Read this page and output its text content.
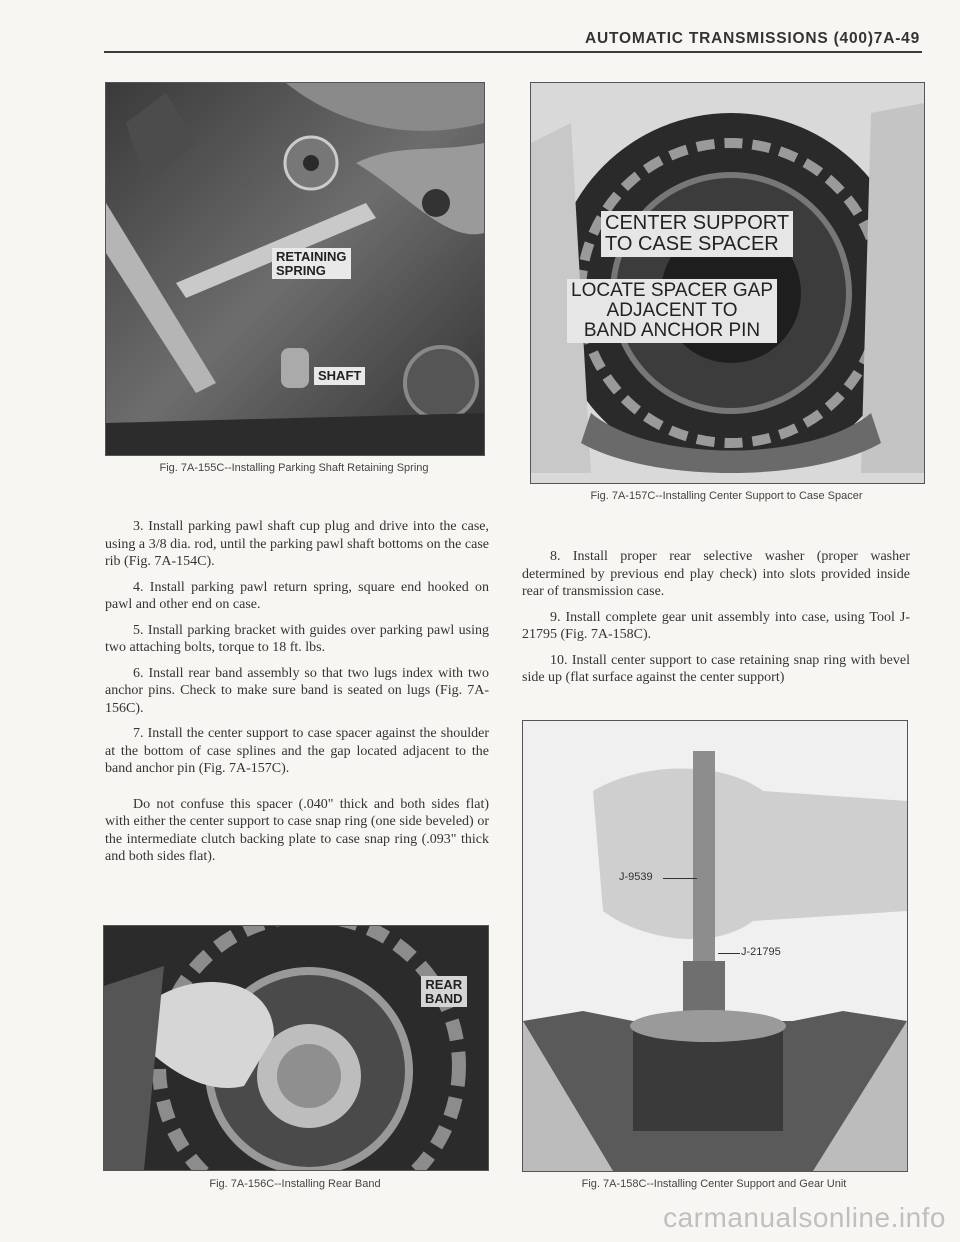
AUTOMATIC TRANSMISSIONS (400)7A-49
RETAINING
SPRING
SHAFT
Fig. 7A-155C--Installing Parking Shaft Retaining Spring
CENTER SUPPORT
TO CASE SPACER
LOCATE SPACER GAP
ADJACENT TO
BAND ANCHOR PIN
Fig. 7A-157C--Installing Center Support to Case Spacer

3. Install parking pawl shaft cup plug and drive into the case, using a 3/8 dia. rod, until the parking pawl shaft bottoms on the case rib (Fig. 7A-154C).

4. Install parking pawl return spring, square end hooked on pawl and other end on case.

5. Install parking bracket with guides over parking pawl using two attaching bolts, torque to 18 ft. lbs.

6. Install rear band assembly so that two lugs index with two anchor pins. Check to make sure band is seated on lugs (Fig. 7A-156C).

7. Install the center support to case spacer against the shoulder at the bottom of case splines and the gap located adjacent to the band anchor pin (Fig. 7A-157C).

Do not confuse this spacer (.040" thick and both sides flat) with either the center support to case snap ring (one side beveled) or the intermediate clutch backing plate to case snap ring (.093" thick and both sides flat).

8. Install proper rear selective washer (proper washer determined by previous end play check) into slots provided inside rear of transmission case.

9. Install complete gear unit assembly into case, using Tool J-21795 (Fig. 7A-158C).

10. Install center support to case retaining snap ring with bevel side up (flat surface against the center support)

REAR
BAND
Fig. 7A-156C--Installing Rear Band
J-9539
J-21795
Fig. 7A-158C--Installing Center Support and Gear Unit
carmanualsonline.info
